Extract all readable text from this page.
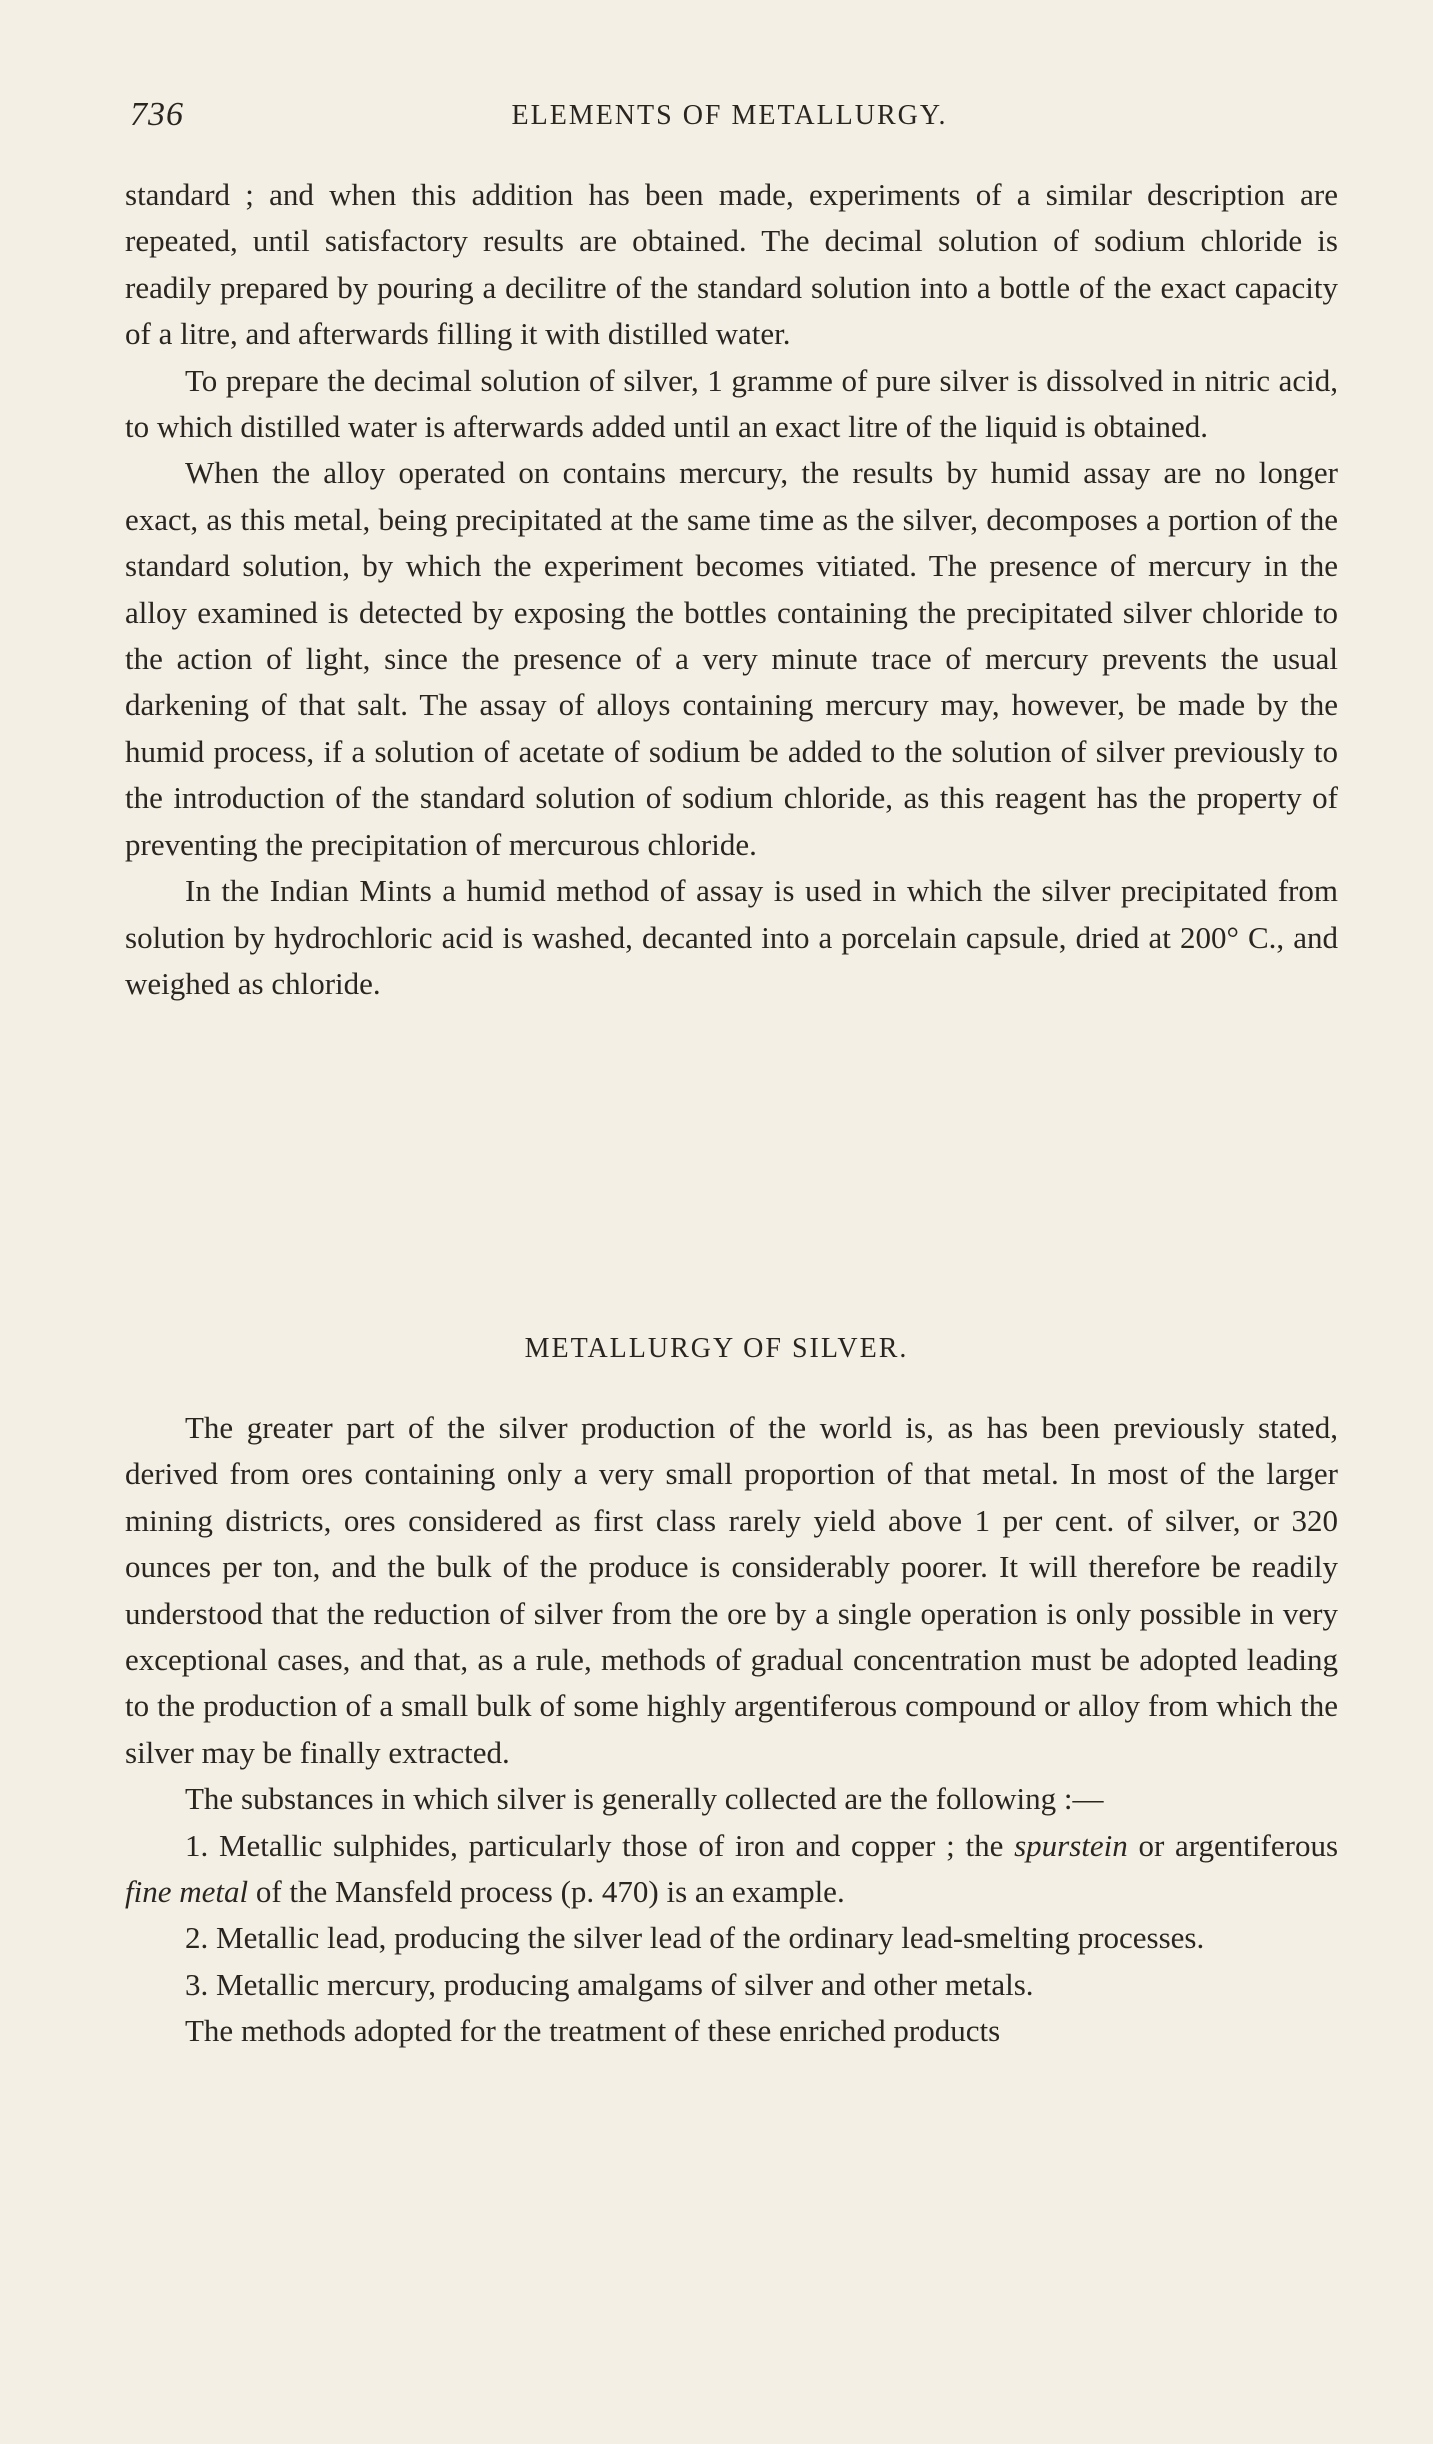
736	ELEMENTS OF METALLURGY.

standard ; and when this addition has been made, experiments of a similar description are repeated, until satisfactory results are obtained. The decimal solution of sodium chloride is readily prepared by pouring a decilitre of the standard solution into a bottle of the exact capacity of a litre, and afterwards filling it with distilled water.

To prepare the decimal solution of silver, 1 gramme of pure silver is dissolved in nitric acid, to which distilled water is afterwards added until an exact litre of the liquid is obtained.

When the alloy operated on contains mercury, the results by humid assay are no longer exact, as this metal, being precipitated at the same time as the silver, decomposes a portion of the standard solution, by which the experiment becomes vitiated. The presence of mercury in the alloy examined is detected by exposing the bottles containing the precipitated silver chloride to the action of light, since the presence of a very minute trace of mercury prevents the usual darkening of that salt. The assay of alloys containing mercury may, however, be made by the humid process, if a solution of acetate of sodium be added to the solution of silver previously to the introduction of the standard solution of sodium chloride, as this reagent has the property of preventing the precipitation of mercurous chloride.

In the Indian Mints a humid method of assay is used in which the silver precipitated from solution by hydrochloric acid is washed, decanted into a porcelain capsule, dried at 200° C., and weighed as chloride.

METALLURGY OF SILVER.

The greater part of the silver production of the world is, as has been previously stated, derived from ores containing only a very small proportion of that metal. In most of the larger mining districts, ores considered as first class rarely yield above 1 per cent. of silver, or 320 ounces per ton, and the bulk of the produce is considerably poorer. It will therefore be readily understood that the reduction of silver from the ore by a single operation is only possible in very exceptional cases, and that, as a rule, methods of gradual concentration must be adopted leading to the production of a small bulk of some highly argentiferous compound or alloy from which the silver may be finally extracted.

The substances in which silver is generally collected are the following :—

1. Metallic sulphides, particularly those of iron and copper ; the spurstein or argentiferous fine metal of the Mansfeld process (p. 470) is an example.

2. Metallic lead, producing the silver lead of the ordinary lead-smelting processes.

3. Metallic mercury, producing amalgams of silver and other metals.

The methods adopted for the treatment of these enriched products
